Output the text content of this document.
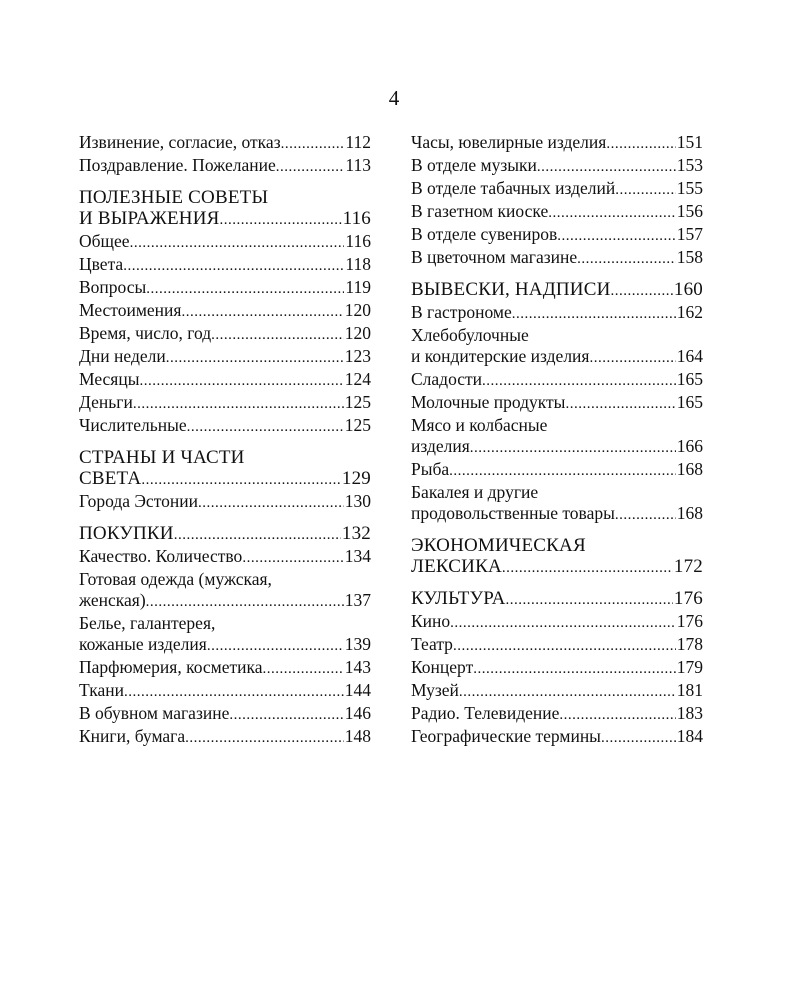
4
Извинение, согласие, отказ .....	112
Поздравление. Пожелание .....	113
ПОЛЕЗНЫЕ СОВЕТЫ
И ВЫРАЖЕНИЯ .....	116
Общее .....	116
Цвета .....	118
Вопросы .....	119
Местоимения .....	120
Время, число, год .....	120
Дни недели .....	123
Месяцы .....	124
Деньги .....	125
Числительные .....	125
СТРАНЫ И ЧАСТИ
СВЕТА .....	129
Города Эстонии .....	130
ПОКУПКИ .....	132
Качество. Количество .....	134
Готовая одежда (мужская,
женская) .....	137
Белье, галантерея,
кожаные изделия .....	139
Парфюмерия, косметика .....	143
Ткани .....	144
В обувном магазине .....	146
Книги, бумага .....	148
Часы, ювелирные изделия .....	151
В отделе музыки .....	153
В отделе табачных изделий .....	155
В газетном киоске .....	156
В отделе сувениров .....	157
В цветочном магазине .....	158
ВЫВЕСКИ, НАДПИСИ .....	160
В гастрономе .....	162
Хлебобулочные
и кондитерские изделия .....	164
Сладости .....	165
Молочные продукты .....	165
Мясо и колбасные
изделия .....	166
Рыба .....	168
Бакалея и другие
продовольственные товары .....	168
ЭКОНОМИЧЕСКАЯ
ЛЕКСИКА .....	172
КУЛЬТУРА .....	176
Кино .....	176
Театр .....	178
Концерт .....	179
Музей .....	181
Радио. Телевидение .....	183
Географические термины .....	184
